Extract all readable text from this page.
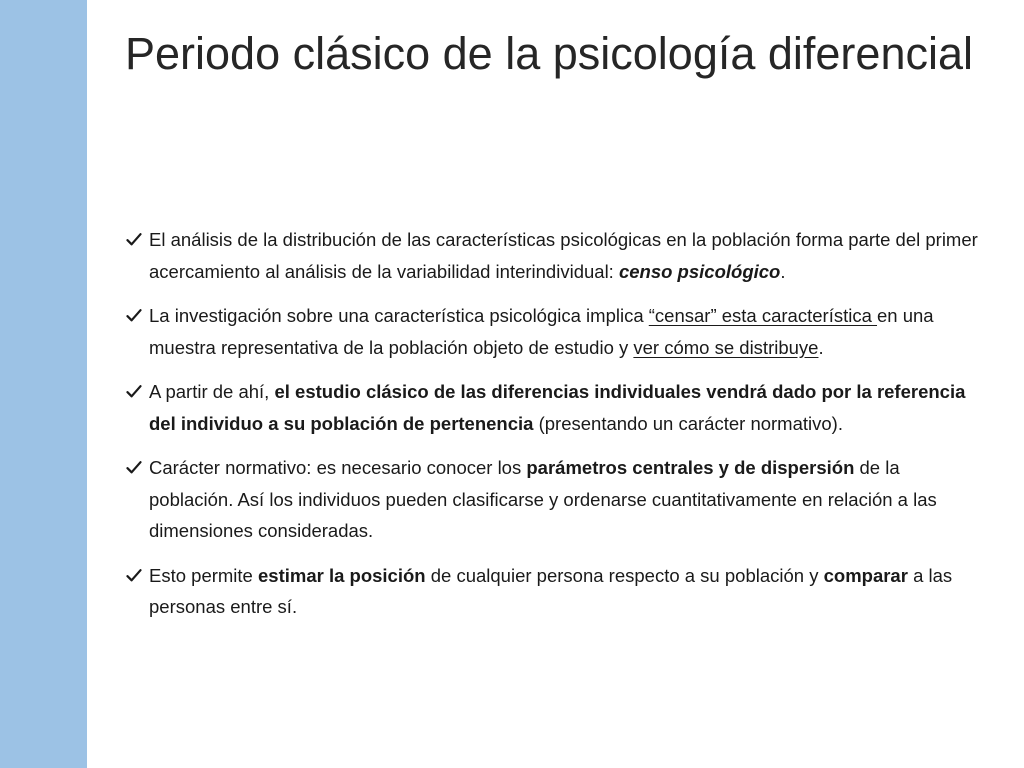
Periodo clásico de la psicología diferencial
El análisis de la distribución de las características psicológicas en la población forma parte del primer acercamiento al análisis de la variabilidad interindividual: censo psicológico.
La investigación sobre una característica psicológica implica “censar” esta característica en una muestra representativa de la población objeto de estudio y ver cómo se distribuye.
A partir de ahí, el estudio clásico de las diferencias individuales vendrá dado por la referencia del individuo a su población de pertenencia (presentando un carácter normativo).
Carácter normativo: es necesario conocer los parámetros centrales y de dispersión de la población. Así los individuos pueden clasificarse y ordenarse cuantitativamente en relación a las dimensiones consideradas.
Esto permite estimar la posición de cualquier persona respecto a su población y comparar a las personas entre sí.
